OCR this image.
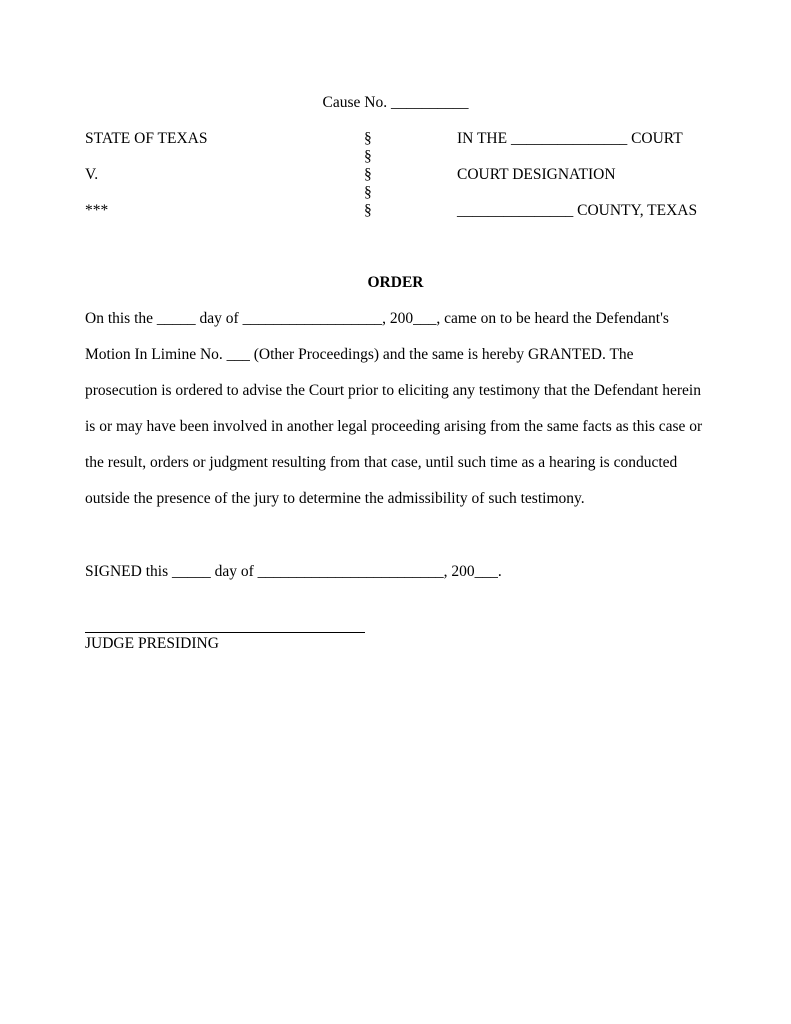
Cause No. __________
STATE OF TEXAS
V.
***
§
§
§
§
§
IN THE _______________ COURT
COURT DESIGNATION
_______________ COUNTY, TEXAS
ORDER
On this the _____ day of __________________, 200___, came on to be heard the Defendant's
Motion In Limine No. ___ (Other Proceedings) and the same is hereby GRANTED. The
prosecution is ordered to advise the Court prior to eliciting any testimony that the Defendant herein
is or may have been involved in another legal proceeding arising from the same facts as this case or
the result, orders or judgment resulting from that case, until such time as a hearing is conducted
outside the presence of the jury to determine the admissibility of such testimony.
SIGNED this _____ day of ________________________, 200___.
JUDGE PRESIDING
